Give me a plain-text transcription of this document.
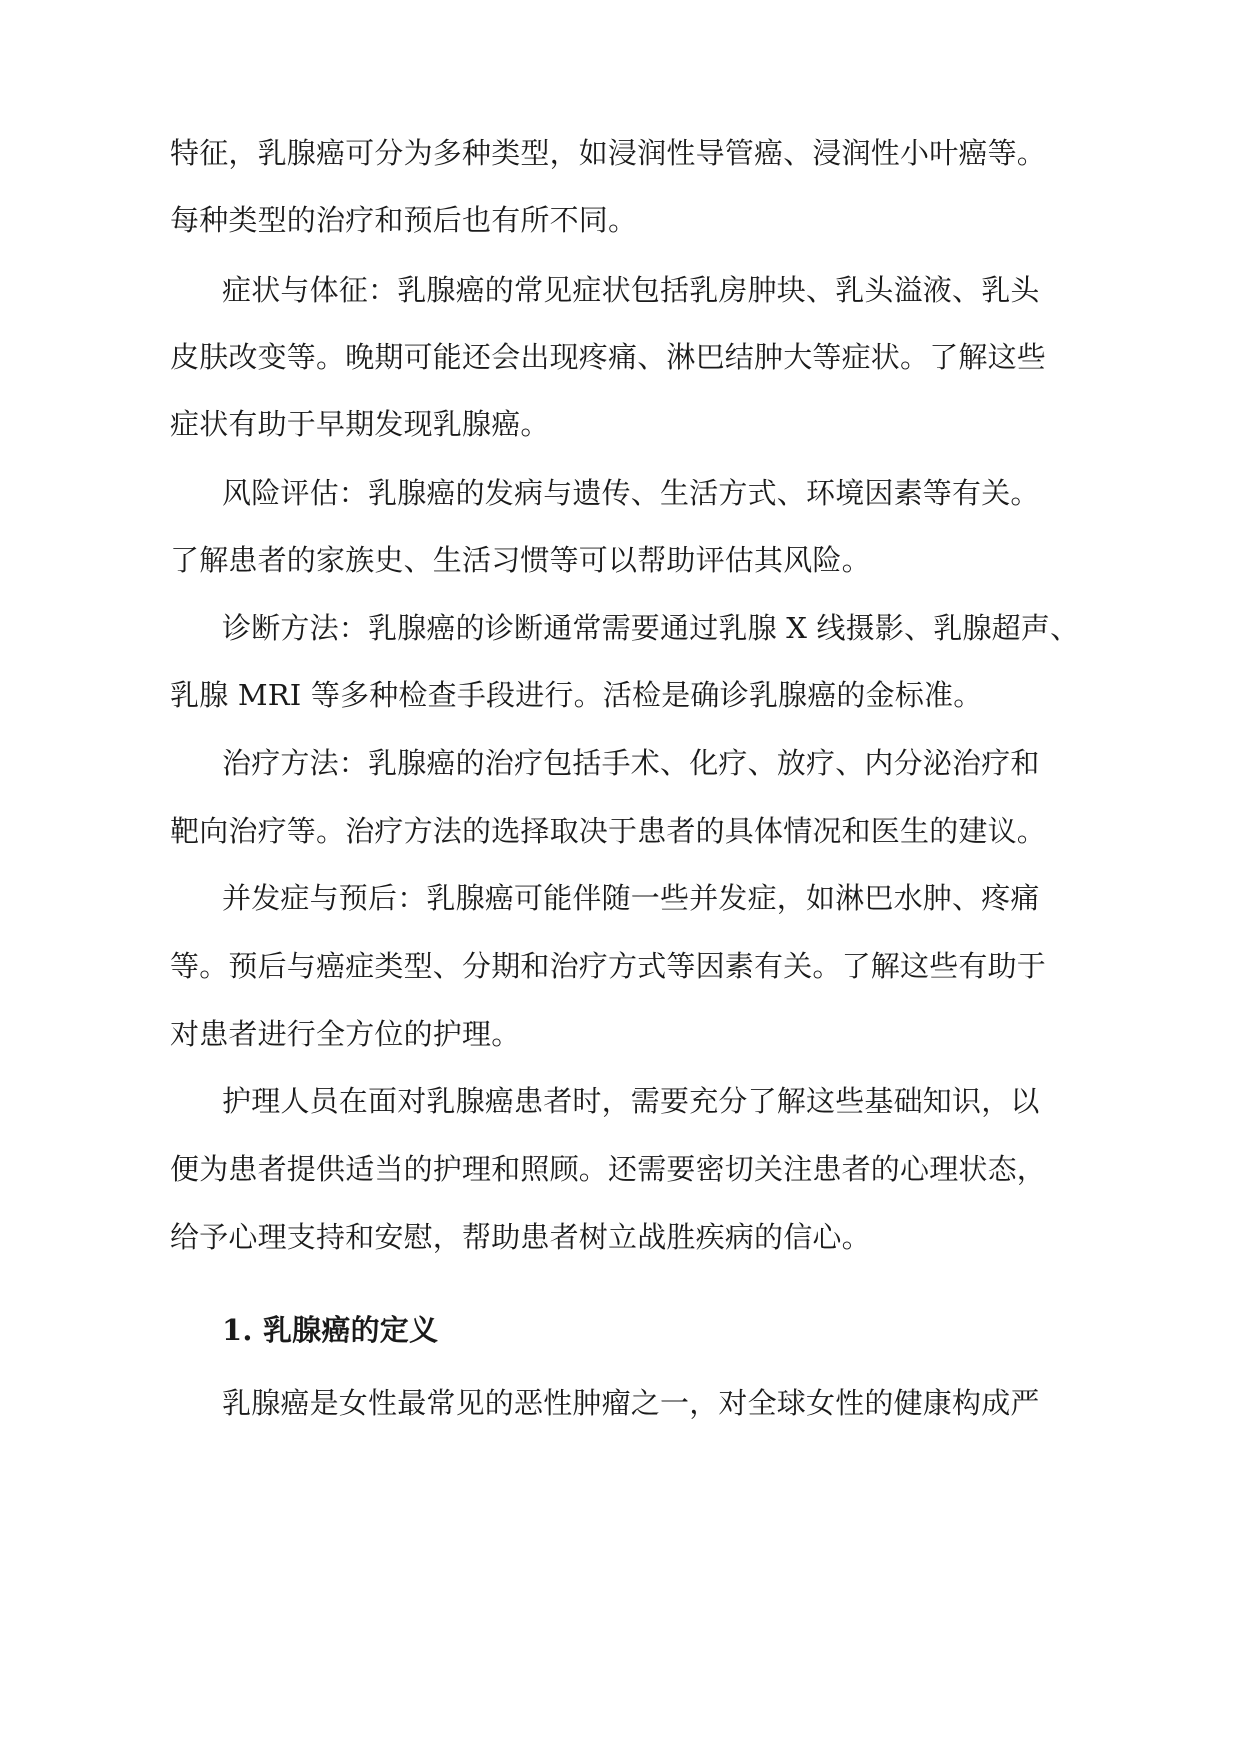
特征，乳腺癌可分为多种类型，如浸润性导管癌、浸润性小叶癌等。
每种类型的治疗和预后也有所不同。
症状与体征：乳腺癌的常见症状包括乳房肿块、乳头溢液、乳头
皮肤改变等。晚期可能还会出现疼痛、淋巴结肿大等症状。了解这些
症状有助于早期发现乳腺癌。
风险评估：乳腺癌的发病与遗传、生活方式、环境因素等有关。
了解患者的家族史、生活习惯等可以帮助评估其风险。
诊断方法：乳腺癌的诊断通常需要通过乳腺 X 线摄影、乳腺超声、
乳腺 MRI 等多种检查手段进行。活检是确诊乳腺癌的金标准。
治疗方法：乳腺癌的治疗包括手术、化疗、放疗、内分泌治疗和
靶向治疗等。治疗方法的选择取决于患者的具体情况和医生的建议。
并发症与预后：乳腺癌可能伴随一些并发症，如淋巴水肿、疼痛
等。预后与癌症类型、分期和治疗方式等因素有关。了解这些有助于
对患者进行全方位的护理。
护理人员在面对乳腺癌患者时，需要充分了解这些基础知识，以
便为患者提供适当的护理和照顾。还需要密切关注患者的心理状态，
给予心理支持和安慰，帮助患者树立战胜疾病的信心。
1. 乳腺癌的定义
乳腺癌是女性最常见的恶性肿瘤之一，对全球女性的健康构成严
